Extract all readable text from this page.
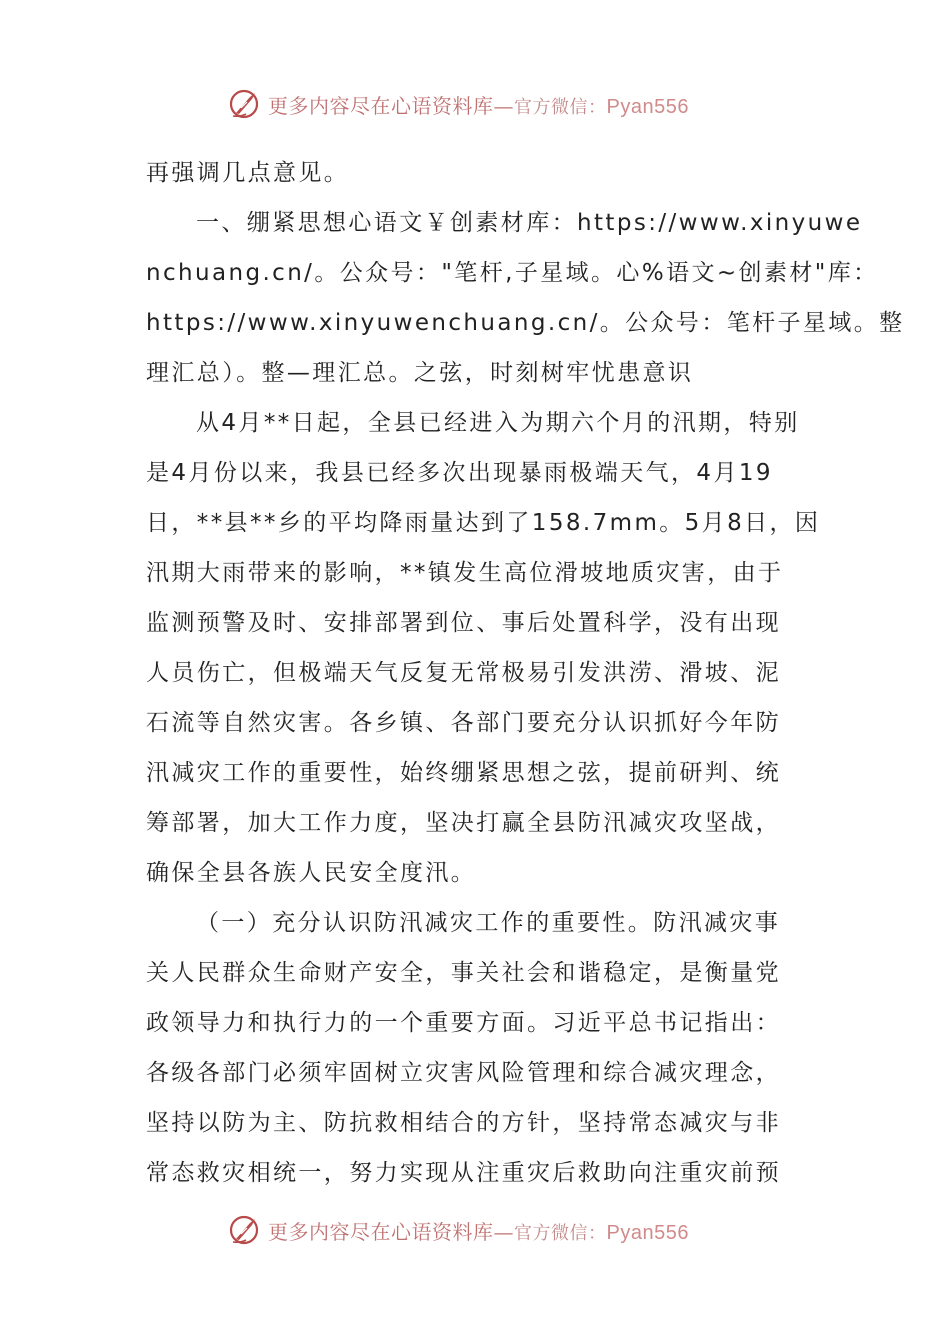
更多内容尽在心语资料库—官方微信：Pyan556
再强调几点意见。
一、绷紧思想心语文￥创素材库：https://www.xinyuwe
nchuang.cn/。公众号："笔杆,子星域。心%语文~创素材"库：
https://www.xinyuwenchuang.cn/。公众号：笔杆子星域。整
理汇总）。整—理汇总。之弦，时刻树牢忧患意识
从4月**日起，全县已经进入为期六个月的汛期，特别
是4月份以来，我县已经多次出现暴雨极端天气，4月19
日，**县**乡的平均降雨量达到了158.7mm。5月8日，因
汛期大雨带来的影响，**镇发生高位滑坡地质灾害，由于
监测预警及时、安排部署到位、事后处置科学，没有出现
人员伤亡，但极端天气反复无常极易引发洪涝、滑坡、泥
石流等自然灾害。各乡镇、各部门要充分认识抓好今年防
汛减灾工作的重要性，始终绷紧思想之弦，提前研判、统
筹部署，加大工作力度，坚决打赢全县防汛减灾攻坚战，
确保全县各族人民安全度汛。
（一）充分认识防汛减灾工作的重要性。防汛减灾事
关人民群众生命财产安全，事关社会和谐稳定，是衡量党
政领导力和执行力的一个重要方面。习近平总书记指出：
各级各部门必须牢固树立灾害风险管理和综合减灾理念，
坚持以防为主、防抗救相结合的方针，坚持常态减灾与非
常态救灾相统一，努力实现从注重灾后救助向注重灾前预
更多内容尽在心语资料库—官方微信：Pyan556
